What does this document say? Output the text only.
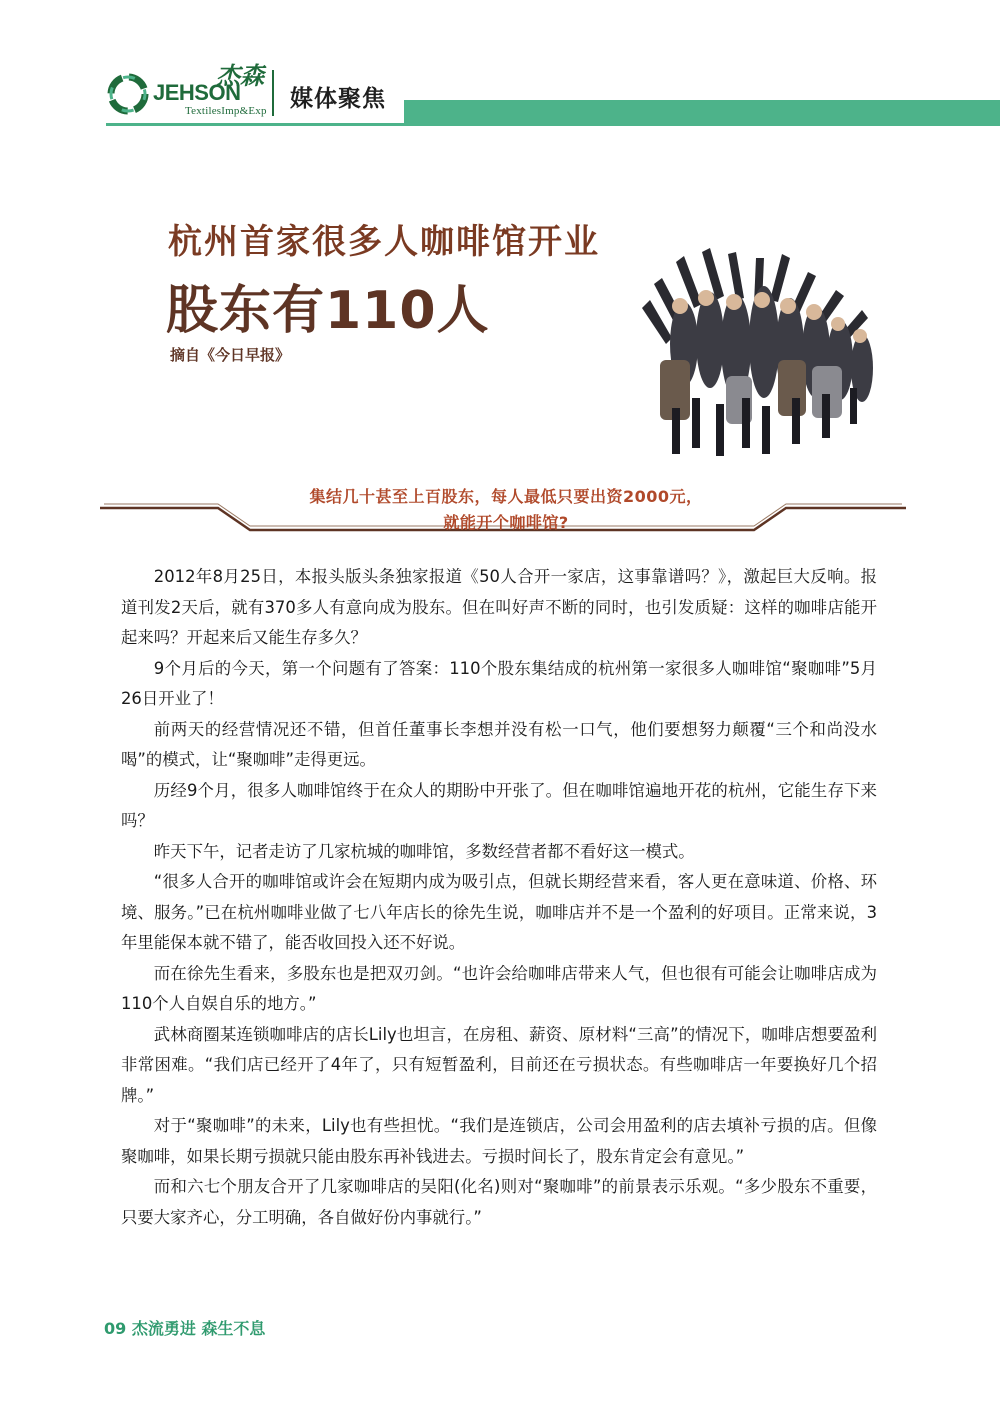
JEHSON
杰森
TextilesImp&Exp 媒体聚焦
杭州首家很多人咖啡馆开业
股东有110人
摘自《今日早报》
集结几十甚至上百股东，每人最低只要出资2000元，
就能开个咖啡馆?

2012年8月25日，本报头版头条独家报道《50人合开一家店，这事靠谱吗？》，激起巨大反响。报道刊发2天后，就有370多人有意向成为股东。但在叫好声不断的同时，也引发质疑：这样的咖啡店能开起来吗？开起来后又能生存多久？

9个月后的今天，第一个问题有了答案：110个股东集结成的杭州第一家很多人咖啡馆“聚咖啡”5月26日开业了！

前两天的经营情况还不错，但首任董事长李想并没有松一口气，他们要想努力颠覆“三个和尚没水喝”的模式，让“聚咖啡”走得更远。

历经9个月，很多人咖啡馆终于在众人的期盼中开张了。但在咖啡馆遍地开花的杭州，它能生存下来吗？

昨天下午，记者走访了几家杭城的咖啡馆，多数经营者都不看好这一模式。

“很多人合开的咖啡馆或许会在短期内成为吸引点，但就长期经营来看，客人更在意味道、价格、环境、服务。”已在杭州咖啡业做了七八年店长的徐先生说，咖啡店并不是一个盈利的好项目。正常来说，3年里能保本就不错了，能否收回投入还不好说。

而在徐先生看来，多股东也是把双刃剑。“也许会给咖啡店带来人气，但也很有可能会让咖啡店成为110个人自娱自乐的地方。”

武林商圈某连锁咖啡店的店长Lily也坦言，在房租、薪资、原材料“三高”的情况下，咖啡店想要盈利非常困难。“我们店已经开了4年了，只有短暂盈利，目前还在亏损状态。有些咖啡店一年要换好几个招牌。”

对于“聚咖啡”的未来，Lily也有些担忧。“我们是连锁店，公司会用盈利的店去填补亏损的店。但像聚咖啡，如果长期亏损就只能由股东再补钱进去。亏损时间长了，股东肯定会有意见。”

而和六七个朋友合开了几家咖啡店的吴阳(化名)则对“聚咖啡”的前景表示乐观。“多少股东不重要，只要大家齐心，分工明确，各自做好份内事就行。”

09 杰流勇进 森生不息
